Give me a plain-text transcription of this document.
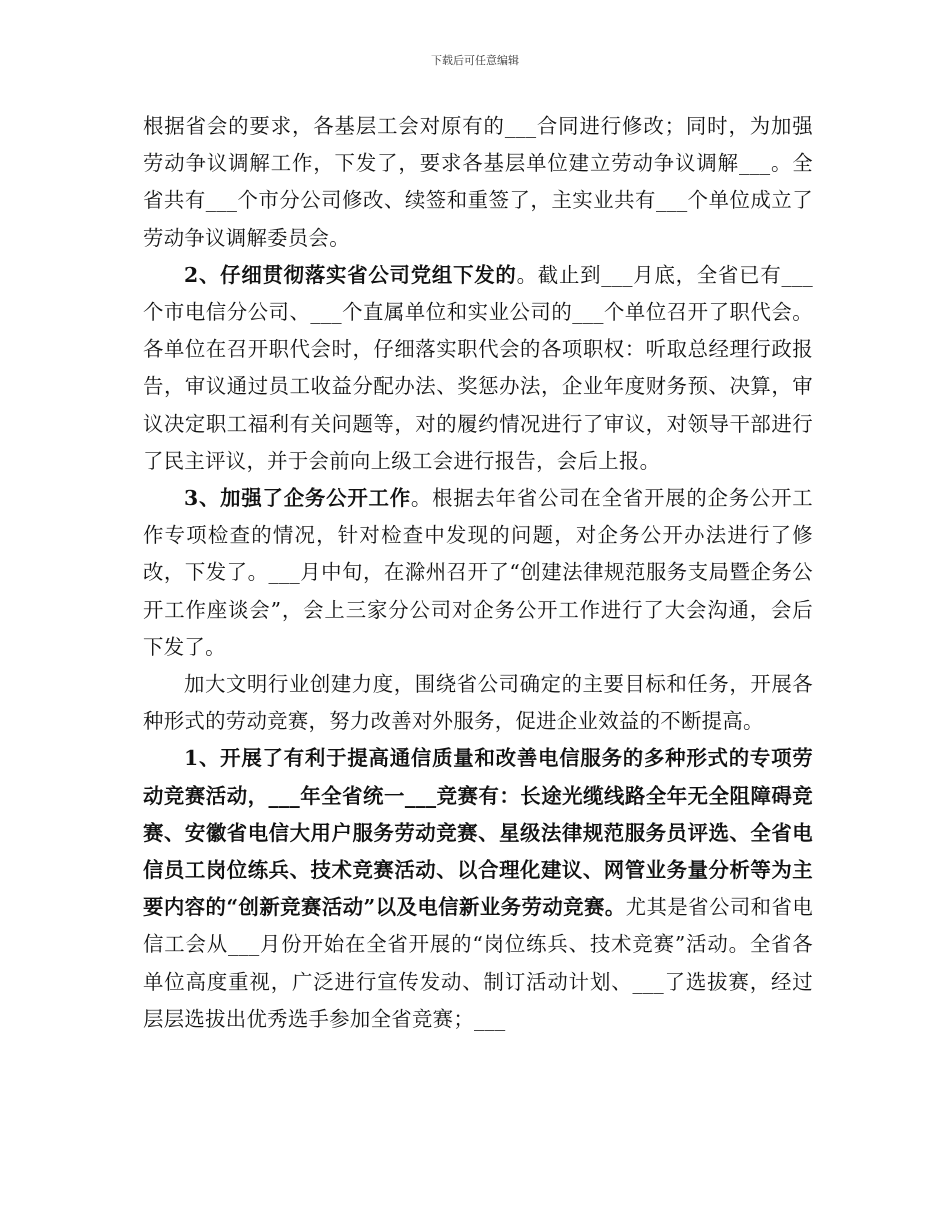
下载后可任意编辑

根据省会的要求，各基层工会对原有的___合同进行修改；同时，为加强劳动争议调解工作，下发了，要求各基层单位建立劳动争议调解___。全省共有___个市分公司修改、续签和重签了，主实业共有___个单位成立了劳动争议调解委员会。

2、仔细贯彻落实省公司党组下发的。截止到___月底，全省已有___个市电信分公司、___个直属单位和实业公司的___个单位召开了职代会。各单位在召开职代会时，仔细落实职代会的各项职权：听取总经理行政报告，审议通过员工收益分配办法、奖惩办法，企业年度财务预、决算，审议决定职工福利有关问题等，对的履约情况进行了审议，对领导干部进行了民主评议，并于会前向上级工会进行报告，会后上报。

3、加强了企务公开工作。根据去年省公司在全省开展的企务公开工作专项检查的情况，针对检查中发现的问题，对企务公开办法进行了修改，下发了。___月中旬，在滁州召开了“创建法律规范服务支局暨企务公开工作座谈会”，会上三家分公司对企务公开工作进行了大会沟通，会后下发了。

加大文明行业创建力度，围绕省公司确定的主要目标和任务，开展各种形式的劳动竞赛，努力改善对外服务，促进企业效益的不断提高。

1、开展了有利于提高通信质量和改善电信服务的多种形式的专项劳动竞赛活动，___年全省统一___竞赛有：长途光缆线路全年无全阻障碍竞赛、安徽省电信大用户服务劳动竞赛、星级法律规范服务员评选、全省电信员工岗位练兵、技术竞赛活动、以合理化建议、网管业务量分析等为主要内容的“创新竞赛活动”以及电信新业务劳动竞赛。尤其是省公司和省电信工会从___月份开始在全省开展的“岗位练兵、技术竞赛”活动。全省各单位高度重视，广泛进行宣传发动、制订活动计划、___了选拔赛，经过层层选拔出优秀选手参加全省竞赛；___
